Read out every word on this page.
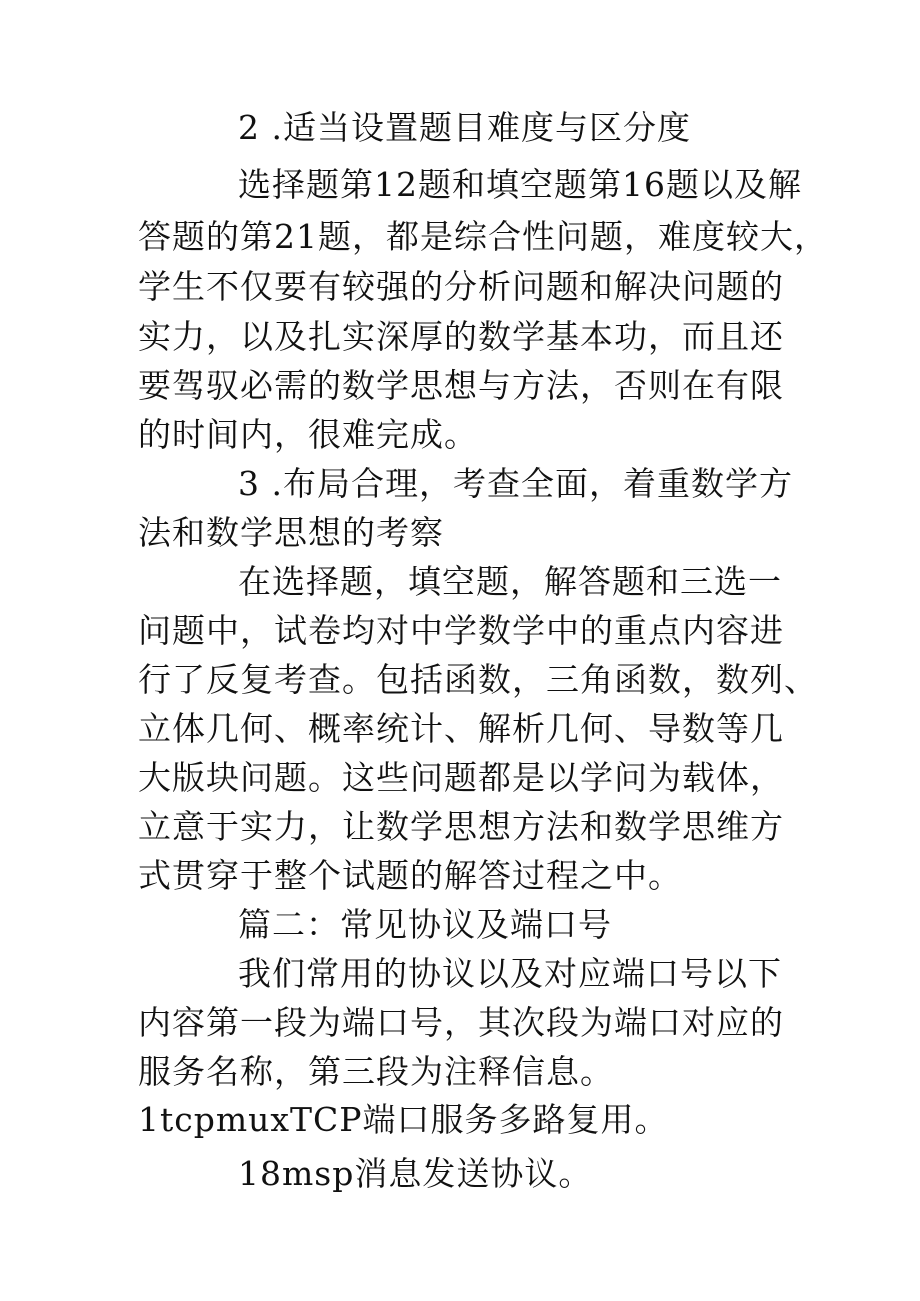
2 .适当设置题目难度与区分度

选择题第12题和填空题第16题以及解

答题的第21题，都是综合性问题，难度较大，

学生不仅要有较强的分析问题和解决问题的

实力，以及扎实深厚的数学基本功，而且还

要驾驭必需的数学思想与方法，否则在有限

的时间内，很难完成。

3 .布局合理，考查全面，着重数学方

法和数学思想的考察

在选择题，填空题，解答题和三选一

问题中，试卷均对中学数学中的重点内容进

行了反复考查。包括函数，三角函数，数列、

立体几何、概率统计、解析几何、导数等几

大版块问题。这些问题都是以学问为载体，

立意于实力，让数学思想方法和数学思维方

式贯穿于整个试题的解答过程之中。

篇二：常见协议及端口号

我们常用的协议以及对应端口号以下

内容第一段为端口号，其次段为端口对应的

服务名称，第三段为注释信息。

1tcpmuxTCP端口服务多路复用。

18msp消息发送协议。
